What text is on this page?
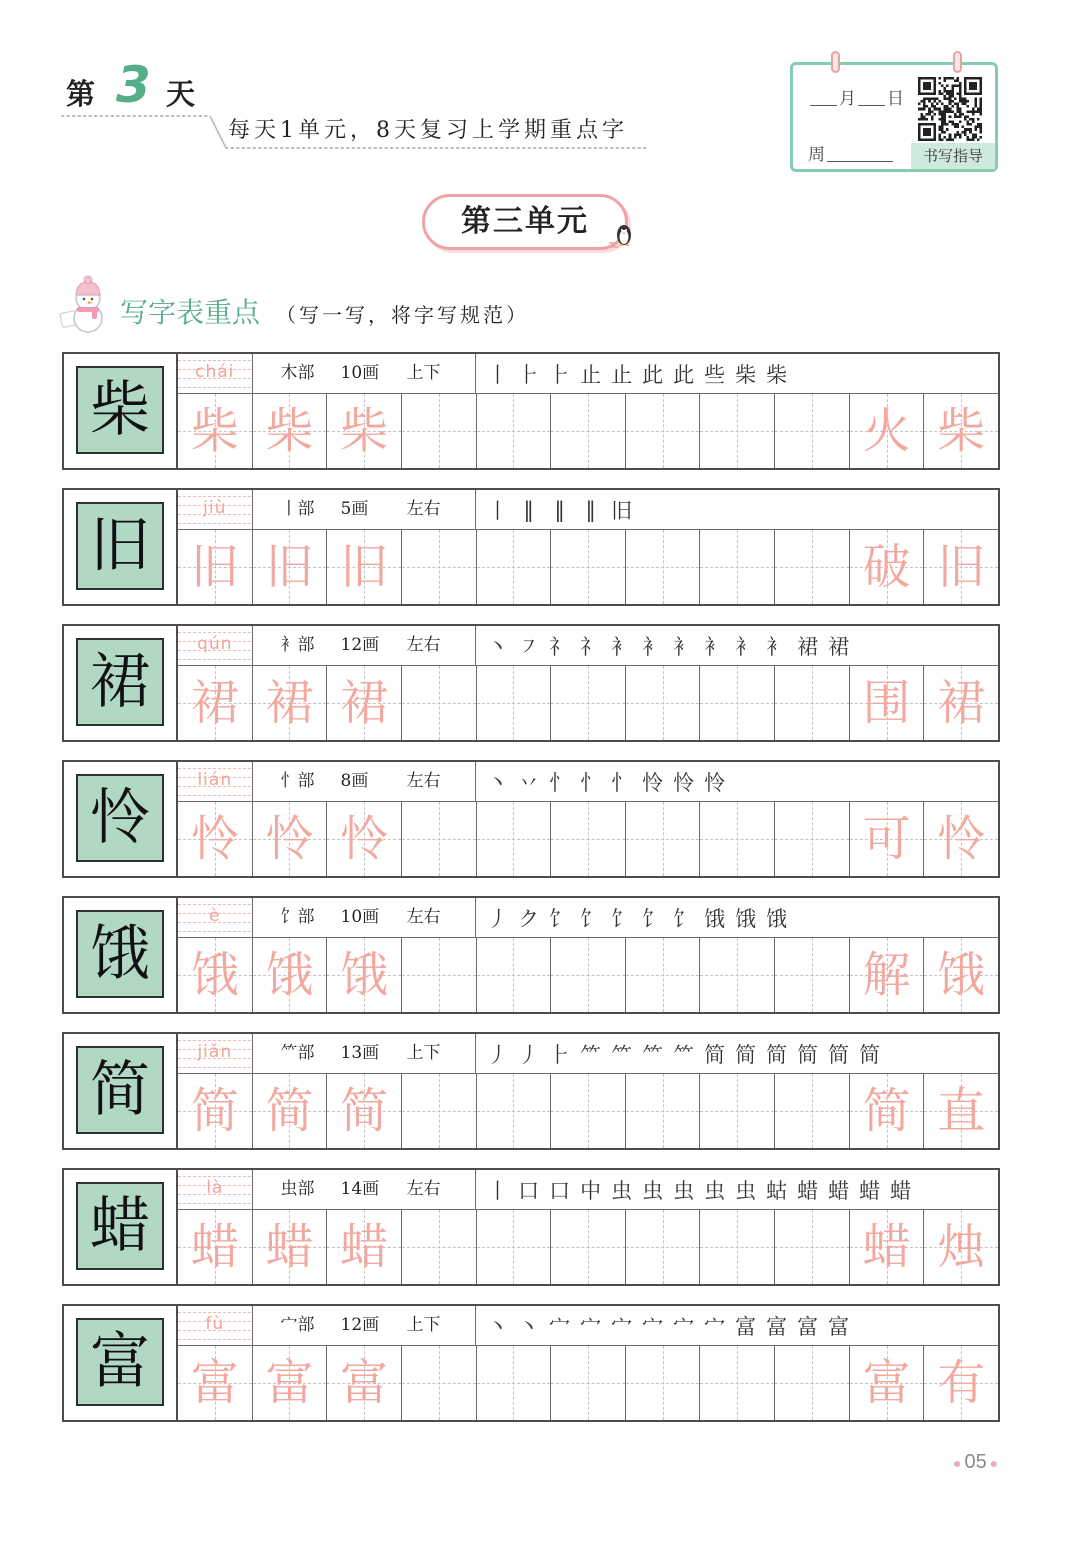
第 3 天
每天1单元，8天复习上学期重点字
月 日
周	书写指导
第三单元
写字表重点 （写一写，将字写规范）
柴
chái	木部 10画 上下 丨 ⺊ ⺊ 止 止 此 此 些 柴 柴
柴 柴 柴	火 柴
旧
jiù	丨部 5画 左右 丨 ‖ ‖ ‖ 旧
旧 旧 旧	破 旧
裙
qún	衤部 12画 左右 丶 ㇇ 礻 礻 衤 衤 衤 衤 衤 衤 裙 裙
裙 裙 裙	围 裙
怜
lián	忄部 8画 左右 丶 丷 忄 忄 忄 怜 怜 怜
怜 怜 怜	可 怜
饿
è	饣部 10画 左右 丿 ク 饣 饣 饣 饣 饣 饿 饿 饿
饿 饿 饿	解 饿
简
jiǎn	⺮部 13画 上下 丿 丿 ⺊ ⺮ ⺮ ⺮ ⺮ 简 简 简 简 简 简
简 简 简	简 直
蜡
là	虫部 14画 左右 丨 口 口 中 虫 虫 虫 虫 虫 蛄 蜡 蜡 蜡 蜡
蜡 蜡 蜡	蜡 烛
富
fù	宀部 12画 上下 丶 丶 宀 宀 宀 宀 宀 宀 富 富 富 富
富 富 富	富 有
● 05 ●
